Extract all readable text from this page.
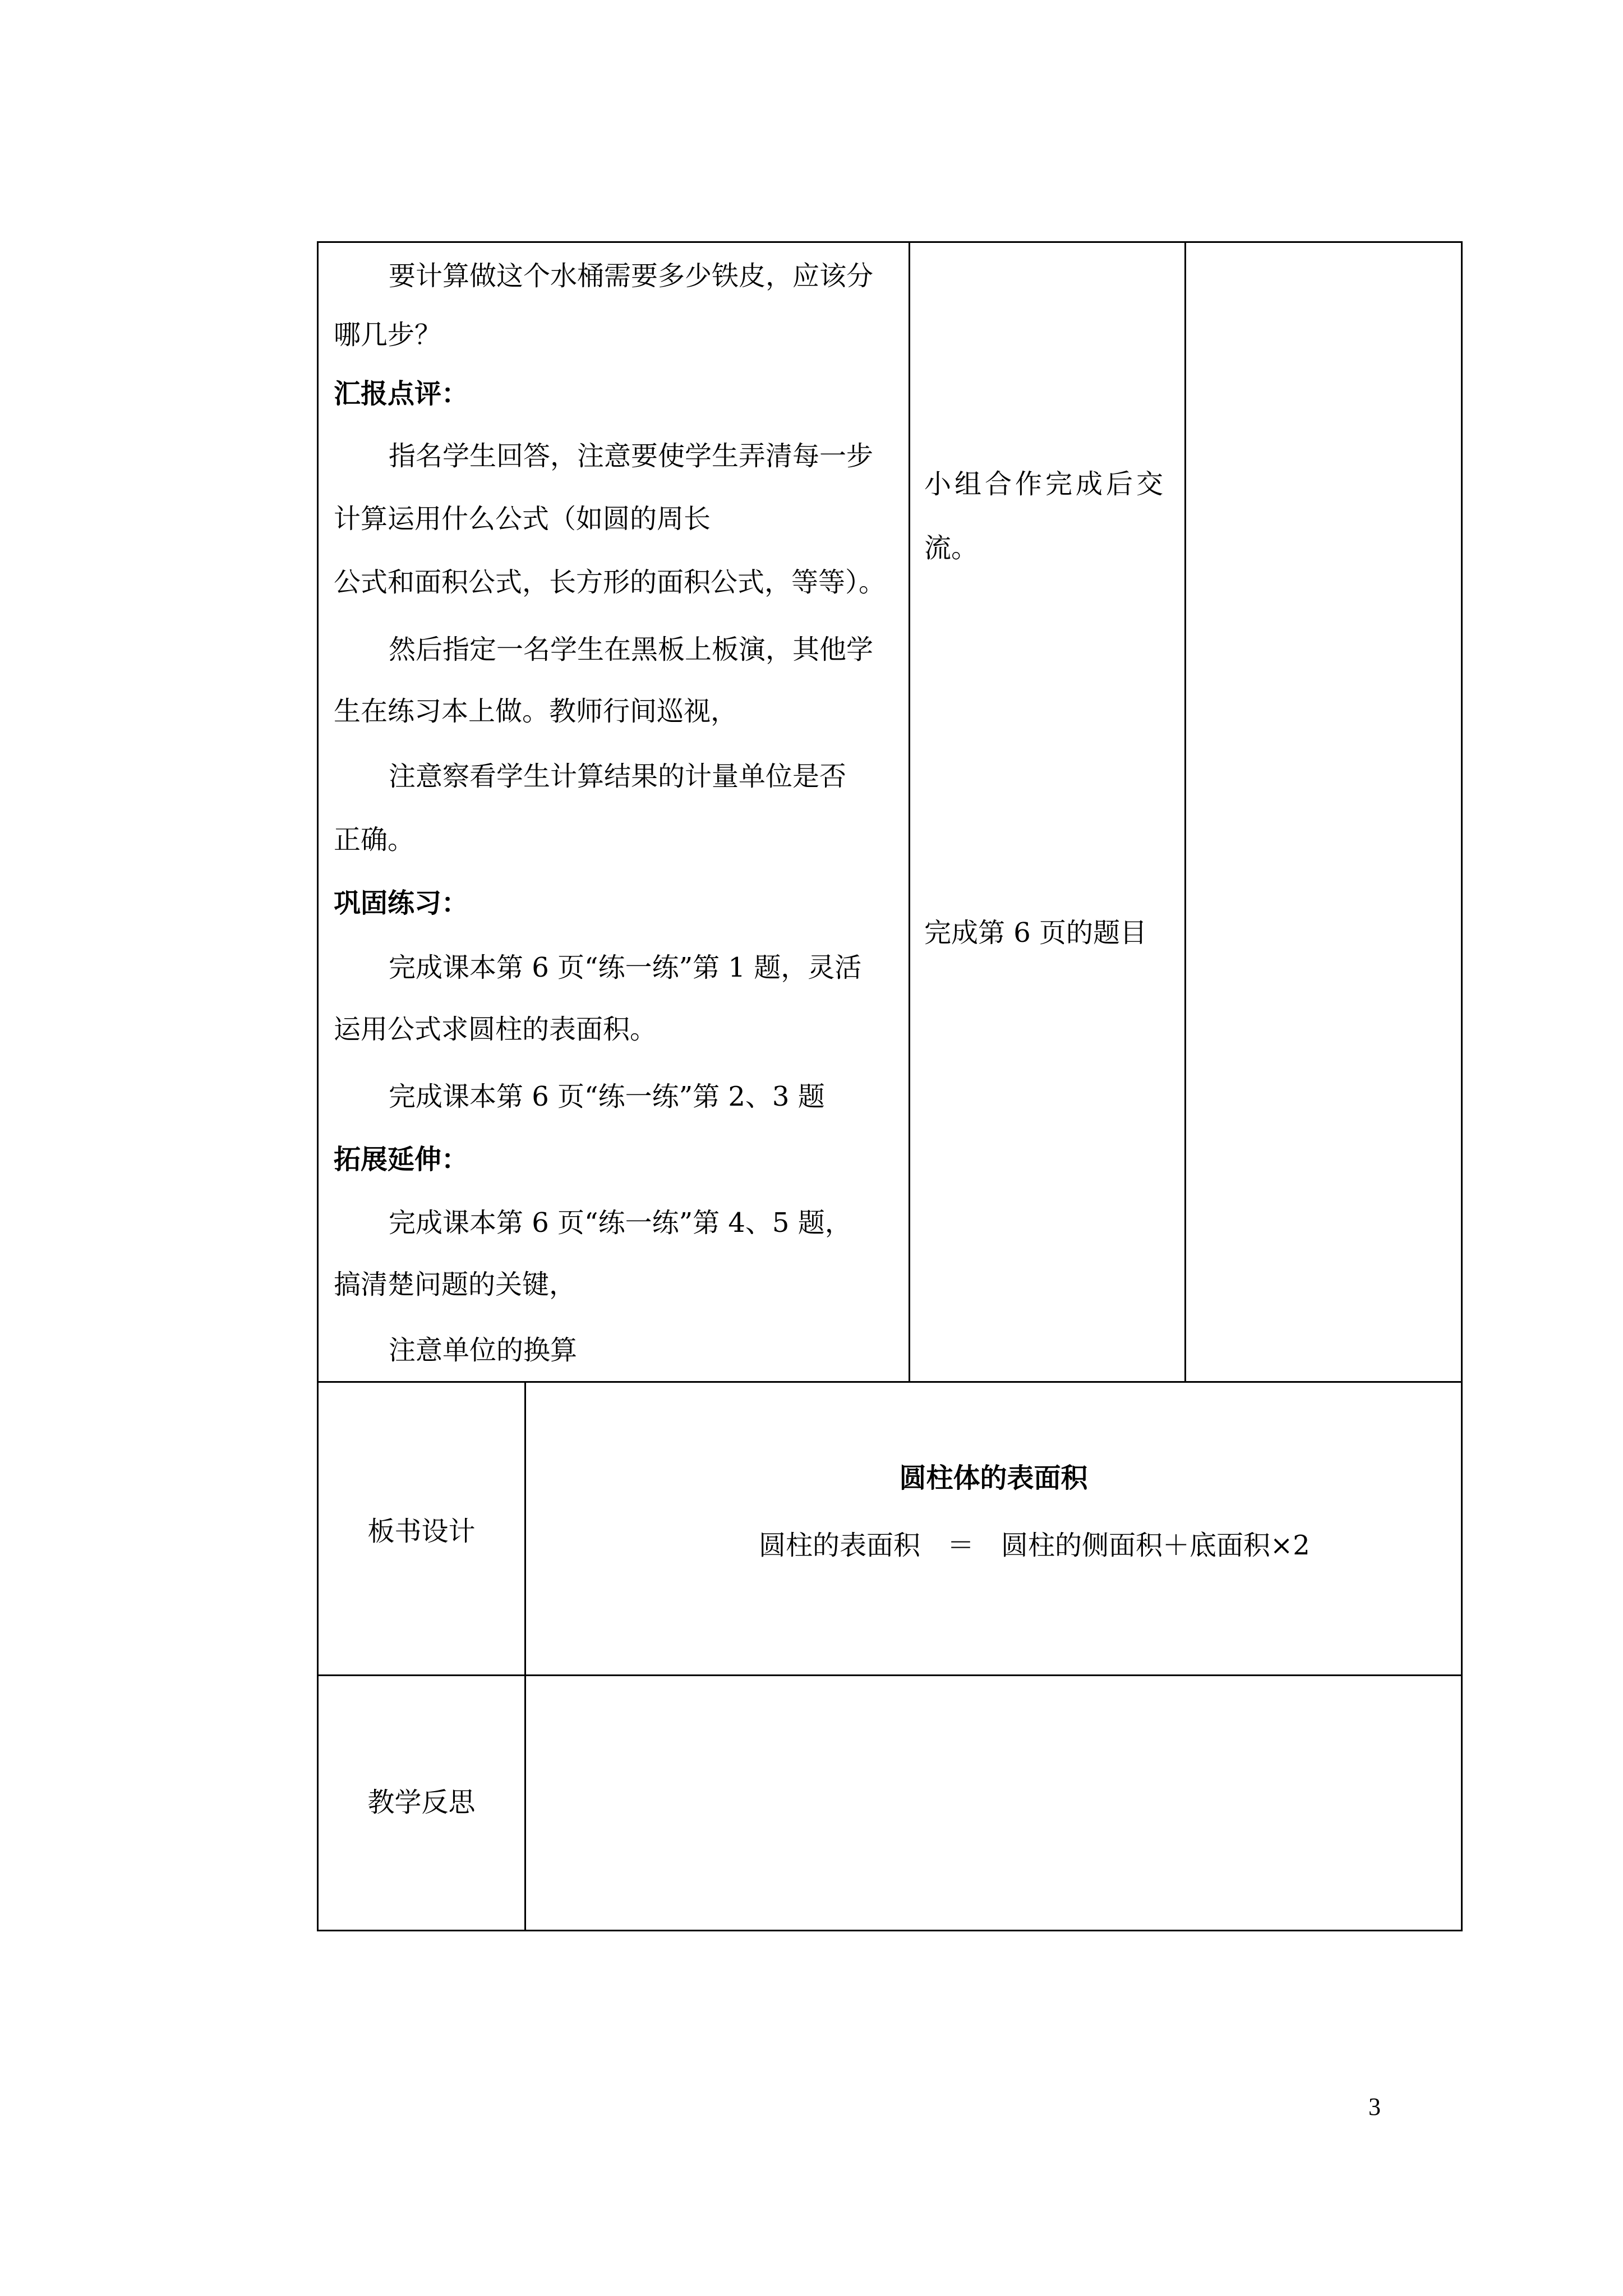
要计算做这个水桶需要多少铁皮，应该分
哪几步？
汇报点评：
指名学生回答，注意要使学生弄清每一步
计算运用什么公式（如圆的周长
公式和面积公式，长方形的面积公式，等等）。
然后指定一名学生在黑板上板演，其他学
生在练习本上做。教师行间巡视，
注意察看学生计算结果的计量单位是否
正确。
巩固练习：
完成课本第 6 页“练一练”第 1 题，灵活
运用公式求圆柱的表面积。
完成课本第 6 页“练一练”第 2、3 题
拓展延伸：
完成课本第 6 页“练一练”第 4、5 题，
搞清楚问题的关键，
注意单位的换算
小组合作完成后交
流。
完成第 6 页的题目
板书设计
圆柱体的表面积
圆柱的表面积　＝　圆柱的侧面积＋底面积×2
教学反思
3
